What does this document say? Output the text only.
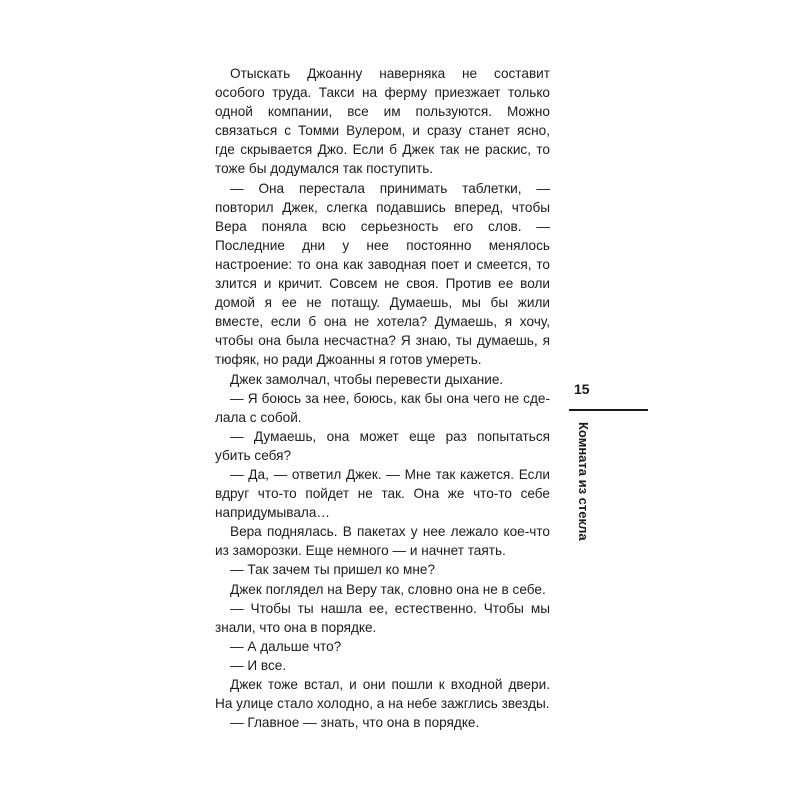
Отыскать Джоанну наверняка не составит особого труда. Такси на ферму приезжает только одной компании, все им пользуются. Можно связаться с Томми Вулером, и сразу станет ясно, где скрывается Джо. Если б Джек так не раскис, то тоже бы додумался так поступить.

— Она перестала принимать таблетки, — повторил Джек, слегка подавшись вперед, чтобы Вера поняла всю серьезность его слов. — Последние дни у нее постоянно менялось настроение: то она как заводная поет и смеется, то злится и кричит. Совсем не своя. Против ее воли домой я ее не потащу. Думаешь, мы бы жили вместе, если б она не хотела? Думаешь, я хочу, чтобы она была несчастна? Я знаю, ты думаешь, я тюфяк, но ради Джоанны я готов умереть.

Джек замолчал, чтобы перевести дыхание.

— Я боюсь за нее, боюсь, как бы она чего не сделала с собой.

— Думаешь, она может еще раз попытаться убить себя?

— Да, — ответил Джек. — Мне так кажется. Если вдруг что-то пойдет не так. Она же что-то себе напридумывала…

Вера поднялась. В пакетах у нее лежало кое-что из заморозки. Еще немного — и начнет таять.

— Так зачем ты пришел ко мне?

Джек поглядел на Веру так, словно она не в себе.

— Чтобы ты нашла ее, естественно. Чтобы мы знали, что она в порядке.

— А дальше что?

— И все.

Джек тоже встал, и они пошли к входной двери. На улице стало холодно, а на небе зажглись звезды.

— Главное — знать, что она в порядке.

15
Комната из стекла
